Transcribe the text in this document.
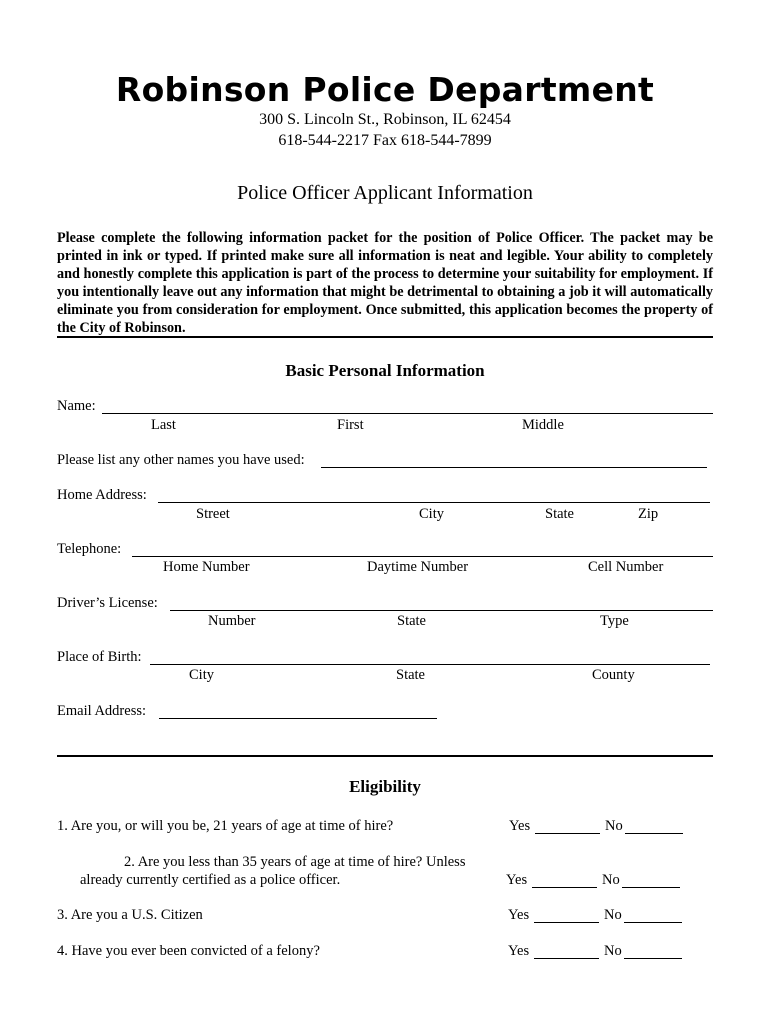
Robinson Police Department
300 S. Lincoln St., Robinson, IL 62454
618-544-2217 Fax 618-544-7899
Police Officer Applicant Information
Please complete the following information packet for the position of Police Officer. The packet may be printed in ink or typed. If printed make sure all information is neat and legible. Your ability to completely and honestly complete this application is part of the process to determine your suitability for employment. If you intentionally leave out any information that might be detrimental to obtaining a job it will automatically eliminate you from consideration for employment. Once submitted, this application becomes the property of the City of Robinson.
Basic Personal Information
Name:
Last	First	Middle
Please list any other names you have used:
Home Address:
Street	City	State	Zip
Telephone:
Home Number	Daytime Number	Cell Number
Driver’s License:
Number	State	Type
Place of Birth:
City	State	County
Email Address:
Eligibility
1. Are you, or will you be, 21 years of age at time of hire?	Yes	No
2. Are you less than 35 years of age at time of hire? Unless
already currently certified as a police officer.	Yes	No
3. Are you a U.S. Citizen	Yes	No
4. Have you ever been convicted of a felony?	Yes	No
